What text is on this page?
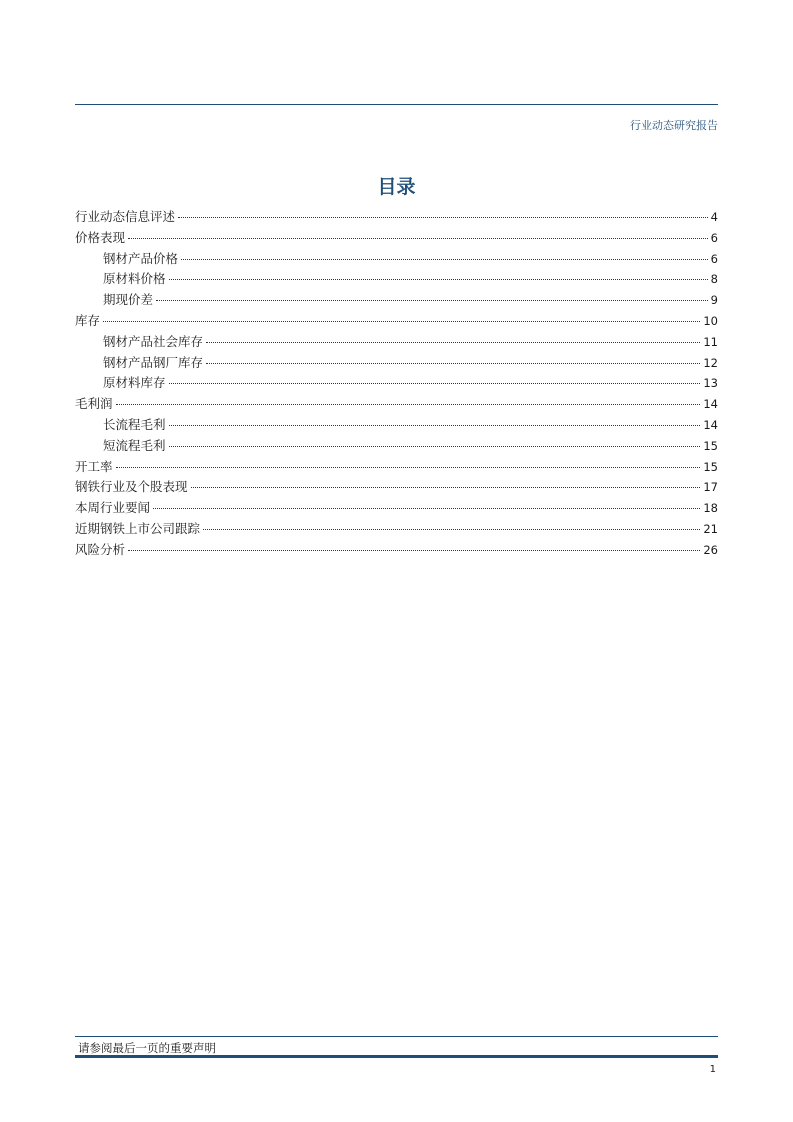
行业动态研究报告
目录
行业动态信息评述	4
价格表现	6
钢材产品价格	6
原材料价格	8
期现价差	9
库存	10
钢材产品社会库存	11
钢材产品钢厂库存	12
原材料库存	13
毛利润	14
长流程毛利	14
短流程毛利	15
开工率	15
钢铁行业及个股表现	17
本周行业要闻	18
近期钢铁上市公司跟踪	21
风险分析	26
请参阅最后一页的重要声明
1
